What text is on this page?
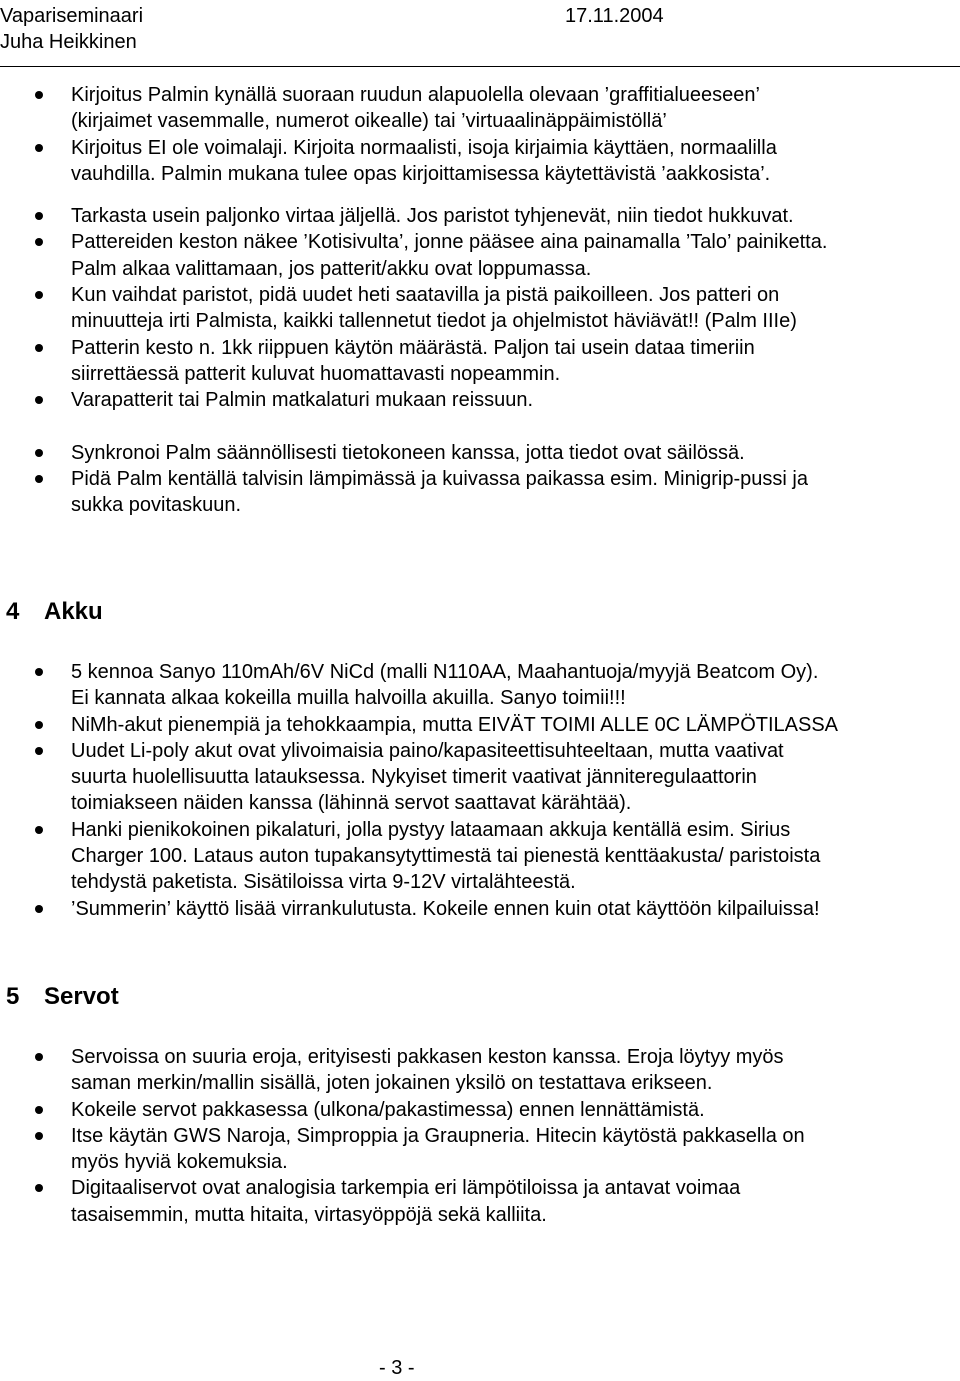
Vapariseminaari	17.11.2004
Juha Heikkinen
Kirjoitus Palmin kynällä suoraan ruudun alapuolella olevaan ’graffitialueeseen’
(kirjaimet vasemmalle, numerot oikealle) tai ’virtuaalinäppäimistöllä’
Kirjoitus EI ole voimalaji. Kirjoita normaalisti, isoja kirjaimia käyttäen, normaalilla
vauhdilla. Palmin mukana tulee opas kirjoittamisessa käytettävistä ’aakkosista’.
Tarkasta usein paljonko virtaa jäljellä. Jos paristot tyhjenevät, niin tiedot hukkuvat.
Pattereiden keston näkee ’Kotisivulta’, jonne pääsee aina painamalla ’Talo’ painiketta.
Palm alkaa valittamaan, jos patterit/akku ovat loppumassa.
Kun vaihdat paristot, pidä uudet heti saatavilla ja pistä paikoilleen. Jos patteri on
minuutteja irti Palmista, kaikki tallennetut tiedot ja ohjelmistot häviävät!! (Palm IIIe)
Patterin kesto n. 1kk riippuen käytön määrästä. Paljon tai usein dataa timeriin
siirrettäessä patterit kuluvat huomattavasti nopeammin.
Varapatterit tai Palmin matkalaturi mukaan reissuun.
Synkronoi Palm säännöllisesti tietokoneen kanssa, jotta tiedot ovat säilössä.
Pidä Palm kentällä talvisin lämpimässä ja kuivassa paikassa esim. Minigrip-pussi ja
sukka povitaskuun.
4 Akku
5 kennoa Sanyo 110mAh/6V NiCd (malli N110AA, Maahantuoja/myyjä Beatcom Oy).
Ei kannata alkaa kokeilla muilla halvoilla akuilla. Sanyo toimii!!!
NiMh-akut pienempiä ja tehokkaampia, mutta EIVÄT TOIMI ALLE 0C LÄMPÖTILASSA
Uudet Li-poly akut ovat ylivoimaisia paino/kapasiteettisuhteeltaan, mutta vaativat
suurta huolellisuutta latauksessa. Nykyiset timerit vaativat jänniteregulaattorin
toimiakseen näiden kanssa (lähinnä servot saattavat kärähtää).
Hanki pienikokoinen pikalaturi, jolla pystyy lataamaan akkuja kentällä esim. Sirius
Charger 100. Lataus auton tupakansytyttimestä tai pienestä kenttäakusta/ paristoista
tehdystä paketista. Sisätiloissa virta 9-12V virtalähteestä.
’Summerin’ käyttö lisää virrankulutusta. Kokeile ennen kuin otat käyttöön kilpailuissa!
5 Servot
Servoissa on suuria eroja, erityisesti pakkasen keston kanssa. Eroja löytyy myös
saman merkin/mallin sisällä, joten jokainen yksilö on testattava erikseen.
Kokeile servot pakkasessa (ulkona/pakastimessa) ennen lennättämistä.
Itse käytän GWS Naroja, Simproppia ja Graupneria. Hitecin käytöstä pakkasella on
myös hyviä kokemuksia.
Digitaaliservot ovat analogisia tarkempia eri lämpötiloissa ja antavat voimaa
tasaisemmin, mutta hitaita, virtasyöppöjä sekä kalliita.
- 3 -
